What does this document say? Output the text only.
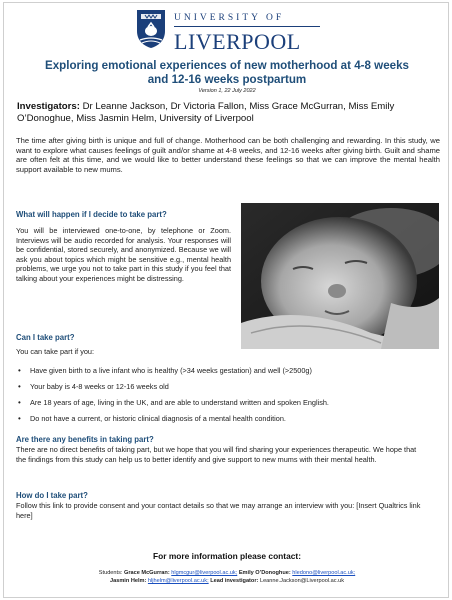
UNIVERSITY OF
LIVERPOOL
Exploring emotional experiences of new motherhood at 4-8 weeks
and 12-16 weeks postpartum
Version 1, 22 July 2022
Investigators: Dr Leanne Jackson, Dr Victoria Fallon, Miss Grace McGurran, Miss Emily O’Donoghue, Miss Jasmin Helm, University of Liverpool
The time after giving birth is unique and full of change. Motherhood can be both challenging and rewarding. In this study, we want to explore what causes feelings of guilt and/or shame at 4-8 weeks, and 12-16 weeks after giving birth. Guilt and shame are often felt at this time, and we would like to better understand these feelings so that we can improve the mental health support available to new mums.
What will happen if I decide to take part?
You will be interviewed one-to-one, by telephone or Zoom. Interviews will be audio recorded for analysis. Your responses will be confidential, stored securely, and anonymized. Because we will ask you about topics which might be sensitive e.g., mental health problems, we urge you not to take part in this study if you feel that talking about your experiences might be distressing.
Can I take part?
You can take part if you:
• Have given birth to a live infant who is healthy (>34 weeks gestation) and well (>2500g)
• Your baby is 4-8 weeks or 12-16 weeks old
• Are 18 years of age, living in the UK, and are able to understand written and spoken English.
• Do not have a current, or historic clinical diagnosis of a mental health condition.
Are there any benefits in taking part?
There are no direct benefits of taking part, but we hope that you will find sharing your experiences therapeutic. We hope that the findings from this study can help us to better identify and give support to new mums with their mental health.
How do I take part?
Follow this link to provide consent and your contact details so that we may arrange an interview with you: [Insert Qualtrics link here]
For more information please contact:
Students: Grace McGurran: hlgmcgur@liverpool.ac.uk; Emily O’Donoghue: hledono@liverpool.ac.uk;
Jasmin Helm: hljhelm@liverpool.ac.uk; Lead investigator: Leanne.Jackson@Liverpool.ac.uk
